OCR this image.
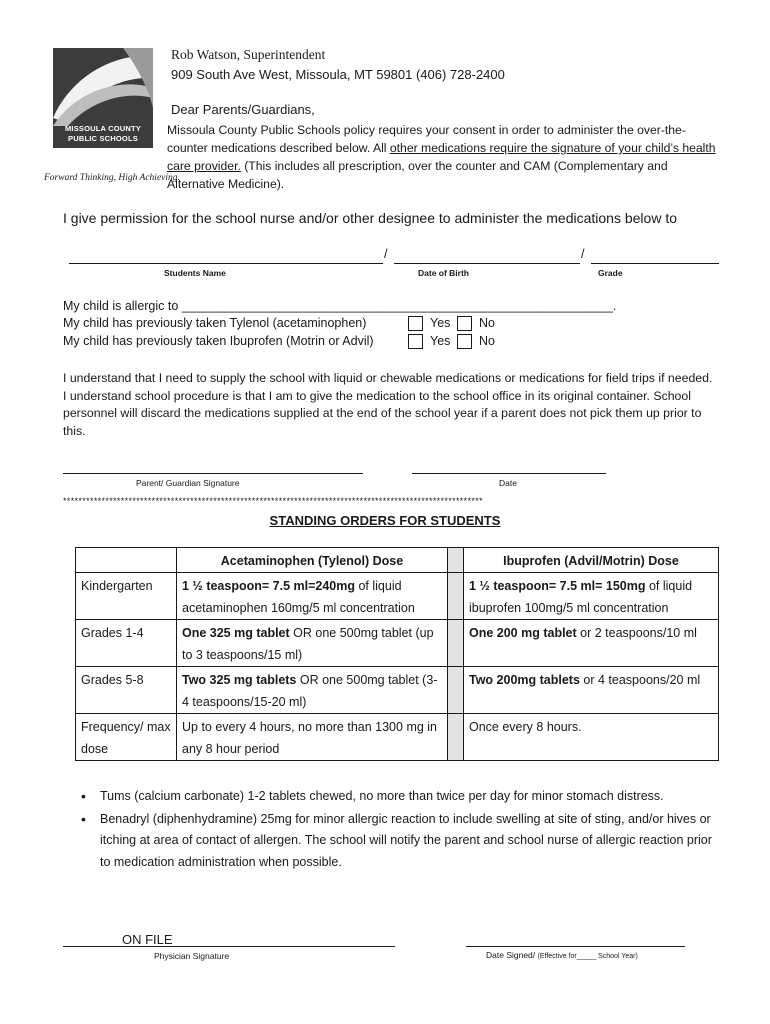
MISSOULA COUNTY
PUBLIC SCHOOLS
Forward Thinking, High Achieving.
Rob Watson, Superintendent
909 South Ave West, Missoula, MT 59801 (406) 728-2400
Dear Parents/Guardians,
Missoula County Public Schools policy requires your consent in order to administer the over-the-counter medications described below. All other medications require the signature of your child’s health care provider. (This includes all prescription, over the counter and CAM (Complementary and Alternative Medicine).
I give permission for the school nurse and/or other designee to administer the medications below to
/	/
Students Name	Date of Birth	Grade
My child is allergic to ______________________________________________________________.
My child has previously taken Tylenol (acetaminophen)	Yes No
My child has previously taken Ibuprofen (Motrin or Advil)	Yes No
I understand that I need to supply the school with liquid or chewable medications or medications for field trips if needed. I understand school procedure is that I am to give the medication to the school office in its original container. School personnel will discard the medications supplied at the end of the school year if a parent does not pick them up prior to this.
Parent/ Guardian Signature	Date
*************************************************************************************************************
STANDING ORDERS FOR STUDENTS
	Acetaminophen (Tylenol) Dose		Ibuprofen (Advil/Motrin) Dose
Kindergarten	1 ½ teaspoon= 7.5 ml=240mg of liquid acetaminophen 160mg/5 ml concentration		1 ½ teaspoon= 7.5 ml= 150mg of liquid ibuprofen 100mg/5 ml concentration
Grades 1-4	One 325 mg tablet OR one 500mg tablet (up to 3 teaspoons/15 ml)		One 200 mg tablet or 2 teaspoons/10 ml
Grades 5-8	Two 325 mg tablets OR one 500mg tablet (3-4 teaspoons/15-20 ml)		Two 200mg tablets or 4 teaspoons/20 ml
Frequency/ max dose	Up to every 4 hours, no more than 1300 mg in any 8 hour period		Once every 8 hours.
• Tums (calcium carbonate) 1-2 tablets chewed, no more than twice per day for minor stomach distress.
• Benadryl (diphenhydramine) 25mg for minor allergic reaction to include swelling at site of sting, and/or hives or itching at area of contact of allergen. The school will notify the parent and school nurse of allergic reaction prior to medication administration when possible.
ON FILE
Physician Signature	Date Signed/ (Effective for_____ School Year)
